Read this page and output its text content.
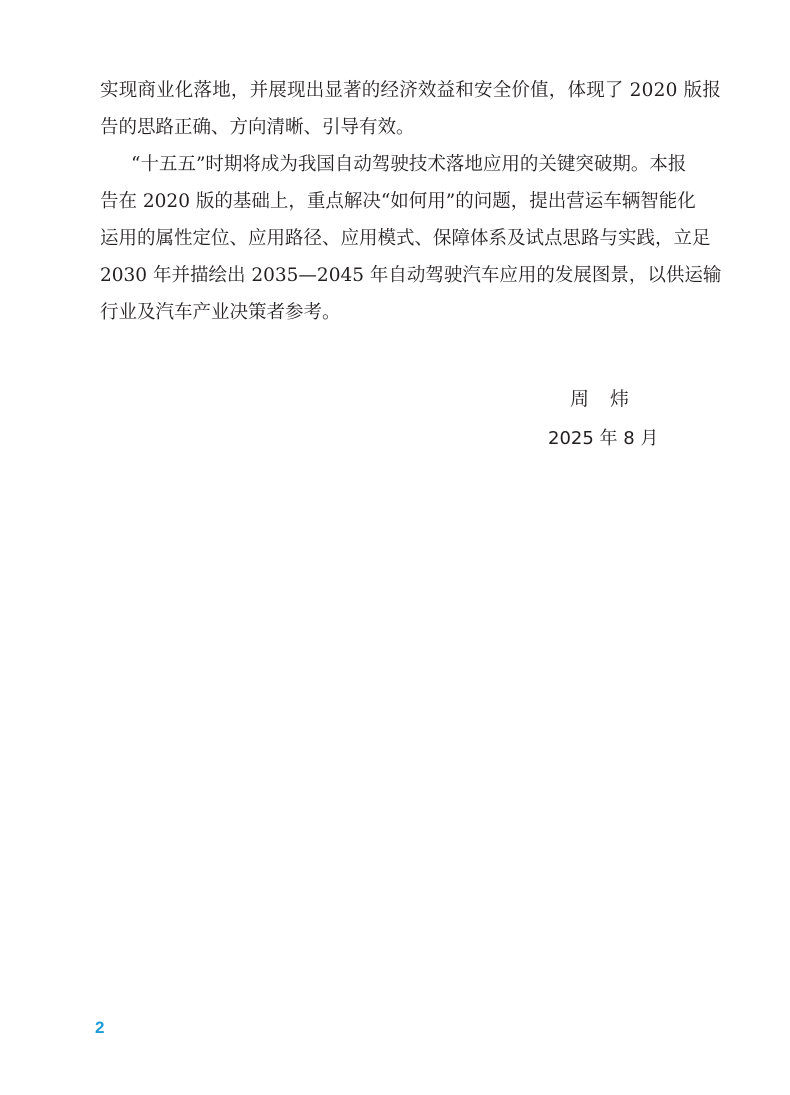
实现商业化落地，并展现出显著的经济效益和安全价值，体现了 2020 版报
告的思路正确、方向清晰、引导有效。
“十五五”时期将成为我国自动驾驶技术落地应用的关键突破期。本报
告在 2020 版的基础上，重点解决“如何用”的问题，提出营运车辆智能化
运用的属性定位、应用路径、应用模式、保障体系及试点思路与实践，立足
2030 年并描绘出 2035—2045 年自动驾驶汽车应用的发展图景，以供运输
行业及汽车产业决策者参考。
周　炜
2025 年 8 月
2
